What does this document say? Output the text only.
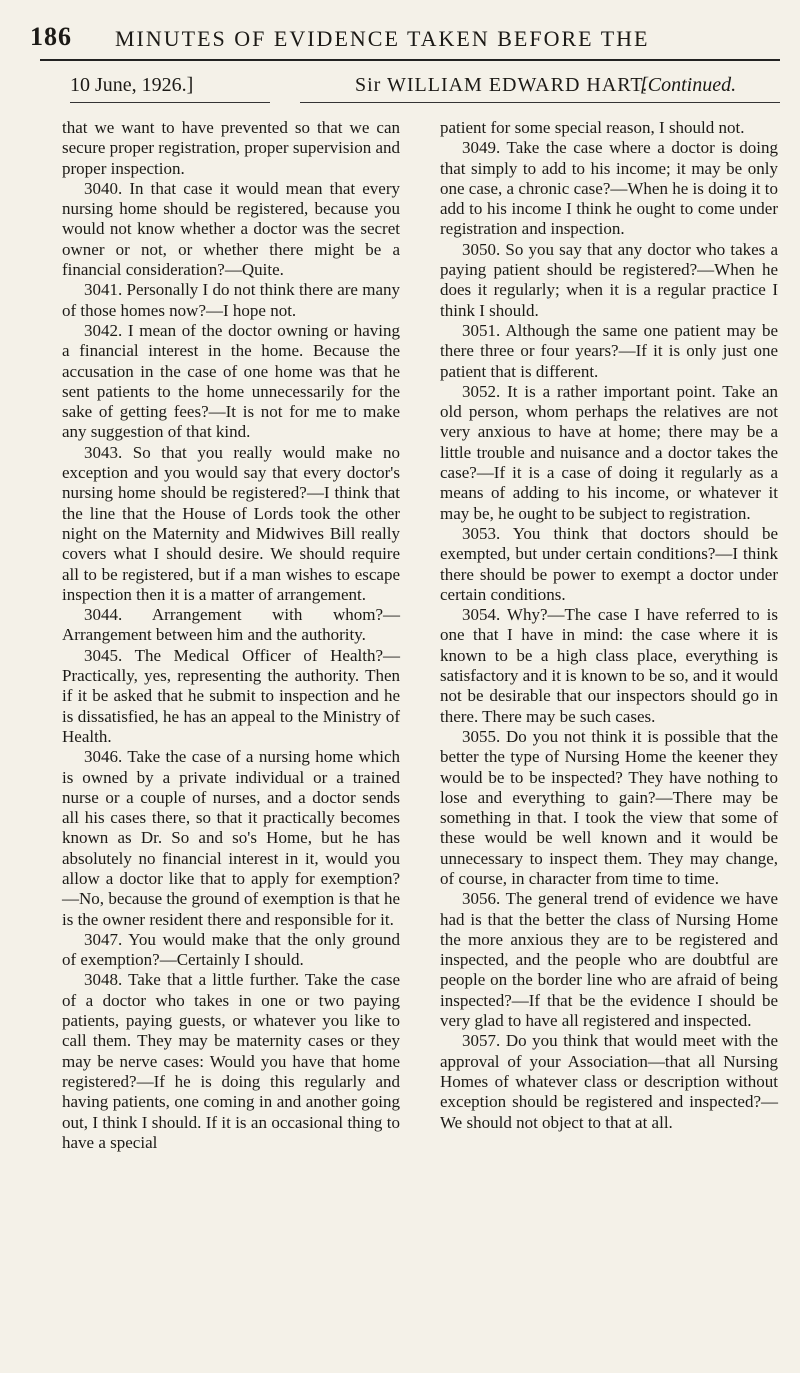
186 MINUTES OF EVIDENCE TAKEN BEFORE THE
10 June, 1926.]	Sir WILLIAM EDWARD HART.
[Continued.

that we want to have prevented so that we can secure proper registration, proper supervision and proper inspection.

3040. In that case it would mean that every nursing home should be registered, because you would not know whether a doctor was the secret owner or not, or whether there might be a financial consideration?—Quite.

3041. Personally I do not think there are many of those homes now?—I hope not.

3042. I mean of the doctor owning or having a financial interest in the home. Because the accusation in the case of one home was that he sent patients to the home unnecessarily for the sake of getting fees?—It is not for me to make any suggestion of that kind.

3043. So that you really would make no exception and you would say that every doctor's nursing home should be registered?—I think that the line that the House of Lords took the other night on the Maternity and Midwives Bill really covers what I should desire. We should require all to be registered, but if a man wishes to escape inspection then it is a matter of arrangement.

3044. Arrangement with whom?—Arrangement between him and the authority.

3045. The Medical Officer of Health?—Practically, yes, representing the authority. Then if it be asked that he submit to inspection and he is dissatisfied, he has an appeal to the Ministry of Health.

3046. Take the case of a nursing home which is owned by a private individual or a trained nurse or a couple of nurses, and a doctor sends all his cases there, so that it practically becomes known as Dr. So and so's Home, but he has absolutely no financial interest in it, would you allow a doctor like that to apply for exemption?—No, because the ground of exemption is that he is the owner resident there and responsible for it.

3047. You would make that the only ground of exemption?—Certainly I should.

3048. Take that a little further. Take the case of a doctor who takes in one or two paying patients, paying guests, or whatever you like to call them. They may be maternity cases or they may be nerve cases: Would you have that home registered?—If he is doing this regularly and having patients, one coming in and another going out, I think I should. If it is an occasional thing to have a special

patient for some special reason, I should not.

3049. Take the case where a doctor is doing that simply to add to his income; it may be only one case, a chronic case?—When he is doing it to add to his income I think he ought to come under registration and inspection.

3050. So you say that any doctor who takes a paying patient should be registered?—When he does it regularly; when it is a regular practice I think I should.

3051. Although the same one patient may be there three or four years?—If it is only just one patient that is different.

3052. It is a rather important point. Take an old person, whom perhaps the relatives are not very anxious to have at home; there may be a little trouble and nuisance and a doctor takes the case?—If it is a case of doing it regularly as a means of adding to his income, or whatever it may be, he ought to be subject to registration.

3053. You think that doctors should be exempted, but under certain conditions?—I think there should be power to exempt a doctor under certain conditions.

3054. Why?—The case I have referred to is one that I have in mind: the case where it is known to be a high class place, everything is satisfactory and it is known to be so, and it would not be desirable that our inspectors should go in there. There may be such cases.

3055. Do you not think it is possible that the better the type of Nursing Home the keener they would be to be inspected? They have nothing to lose and everything to gain?—There may be something in that. I took the view that some of these would be well known and it would be unnecessary to inspect them. They may change, of course, in character from time to time.

3056. The general trend of evidence we have had is that the better the class of Nursing Home the more anxious they are to be registered and inspected, and the people who are doubtful are people on the border line who are afraid of being inspected?—If that be the evidence I should be very glad to have all registered and inspected.

3057. Do you think that would meet with the approval of your Association—that all Nursing Homes of whatever class or description without exception should be registered and inspected?—We should not object to that at all.
